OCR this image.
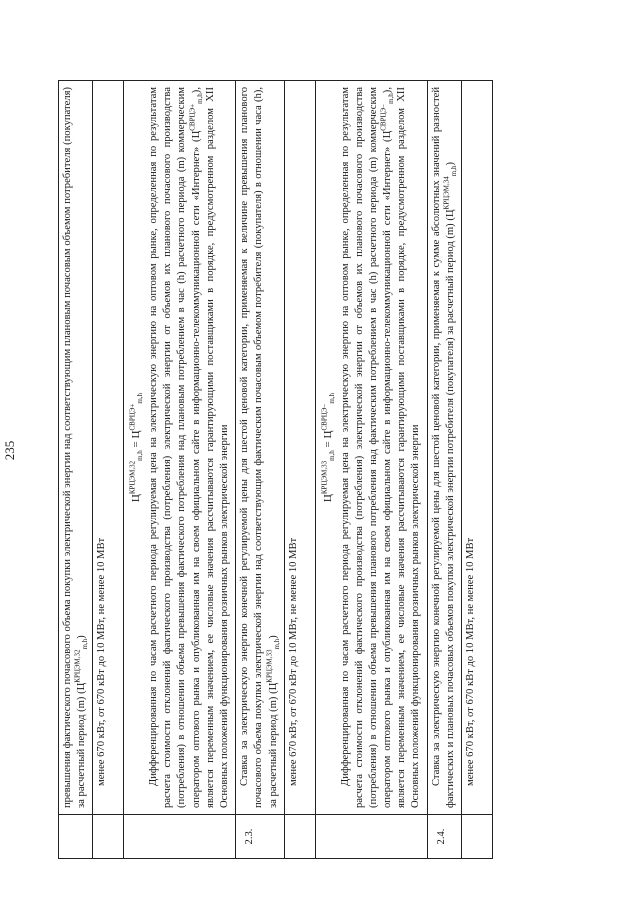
235
		превышения фактического почасового объема покупки электрической энергии над соответствующим плановым почасовым объемом потребителя (покупателя) за расчетный период (m) $(Ц^{КРЦЭМ,32}_{m,h})$

	менее 670 кВт, от 670 кВт до 10 МВт, не менее 10 МВт

	$Ц^{КРЦЭМ,32}_{m,h} = Ц^{СВРЦЭ+}_{m,h}$ Дифференцированная по часам расчетного периода регулируемая цена на электрическую энергию на оптовом рынке, определенная по результатам расчета стоимости отклонений фактического производства (потребления) электрической энергии от объемов их планового почасового производства (потребления) в отношении объема превышения фактического потребления над плановым потреблением в час (h) расчетного периода (m) коммерческим оператором оптового рынка и опубликованная им на своем официальном сайте в информационно-телекоммуникационной сети «Интернет» $(Ц^{СВРЦЭ+}_{m,h})$, является переменным значением, ее числовые значения рассчитываются гарантирующими поставщиками в порядке, предусмотренном разделом XII Основных положений функционирования розничных рынков электрической энергии

2.3.	Ставка за электрическую энергию конечной регулируемой цены для шестой ценовой категории, применяемая к величине превышения планового почасового объема покупки электрической энергии над соответствующим фактическим почасовым объемом потребителя (покупателя) в отношении часа (h), за расчетный период (m) $(Ц^{КРЦЭМ,33}_{m,h})$

	менее 670 кВт, от 670 кВт до 10 МВт, не менее 10 МВт

	$Ц^{КРЦЭМ,33}_{m,h} = Ц^{СВРЦЭ-}_{m,h}$ Дифференцированная по часам расчетного периода регулируемая цена на электрическую энергию на оптовом рынке, определенная по результатам расчета стоимости отклонений фактического производства (потребления) электрической энергии от объемов их планового почасового производства (потребления) в отношении объема превышения планового потребления над фактическим потреблением в час (h) расчетного периода (m) коммерческим оператором оптового рынка и опубликованная им на своем официальном сайте в информационно-телекоммуникационной сети «Интернет» $(Ц^{СВРЦЭ-}_{m,h})$, является переменным значением, ее числовые значения рассчитываются гарантирующими поставщиками в порядке, предусмотренном разделом XII Основных положений функционирования розничных рынков электрической энергии

2.4.	Ставка за электрическую энергию конечной регулируемой цены для шестой ценовой категории, применяемая к сумме абсолютных значений разностей фактических и плановых почасовых объемов покупки электрической энергии потребителя (покупателя) за расчетный период (m) $(Ц^{КРЦЭМ,34}_{m,h})$

	менее 670 кВт, от 670 кВт до 10 МВт, не менее 10 МВт
